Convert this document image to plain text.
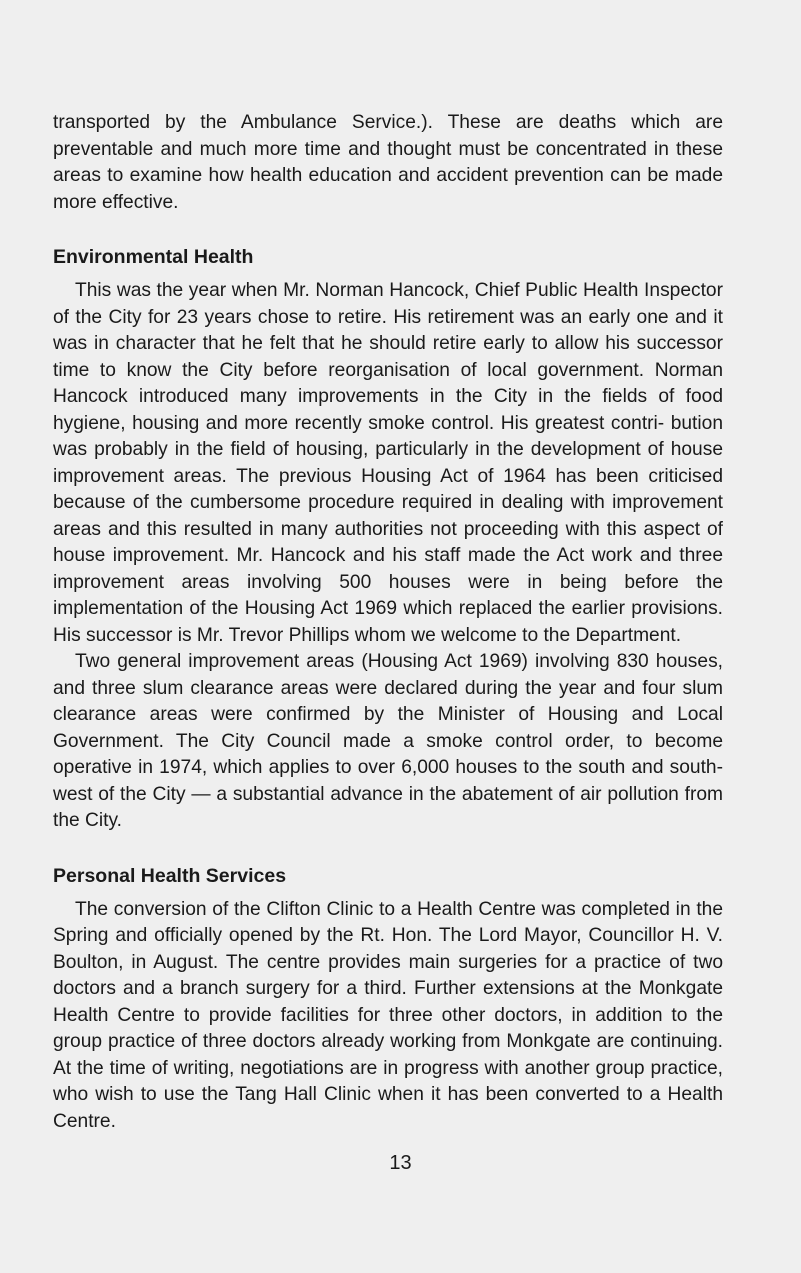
transported by the Ambulance Service.). These are deaths which are preventable and much more time and thought must be concentrated in these areas to examine how health education and accident prevention can be made more effective.

Environmental Health

This was the year when Mr. Norman Hancock, Chief Public Health Inspector of the City for 23 years chose to retire. His retirement was an early one and it was in character that he felt that he should retire early to allow his successor time to know the City before reorganisation of local government. Norman Hancock introduced many improvements in the City in the fields of food hygiene, housing and more recently smoke control. His greatest contri- bution was probably in the field of housing, particularly in the development of house improvement areas. The previous Housing Act of 1964 has been criticised because of the cumbersome procedure required in dealing with improvement areas and this resulted in many authorities not proceeding with this aspect of house improvement. Mr. Hancock and his staff made the Act work and three improvement areas involving 500 houses were in being before the implementation of the Housing Act 1969 which replaced the earlier provisions. His successor is Mr. Trevor Phillips whom we welcome to the Department.

Two general improvement areas (Housing Act 1969) involving 830 houses, and three slum clearance areas were declared during the year and four slum clearance areas were confirmed by the Minister of Housing and Local Government. The City Council made a smoke control order, to become operative in 1974, which applies to over 6,000 houses to the south and south- west of the City — a substantial advance in the abatement of air pollution from the City.

Personal Health Services

The conversion of the Clifton Clinic to a Health Centre was completed in the Spring and officially opened by the Rt. Hon. The Lord Mayor, Councillor H. V. Boulton, in August. The centre provides main surgeries for a practice of two doctors and a branch surgery for a third. Further extensions at the Monkgate Health Centre to provide facilities for three other doctors, in addition to the group practice of three doctors already working from Monkgate are continuing. At the time of writing, negotiations are in progress with another group practice, who wish to use the Tang Hall Clinic when it has been converted to a Health Centre.

13
